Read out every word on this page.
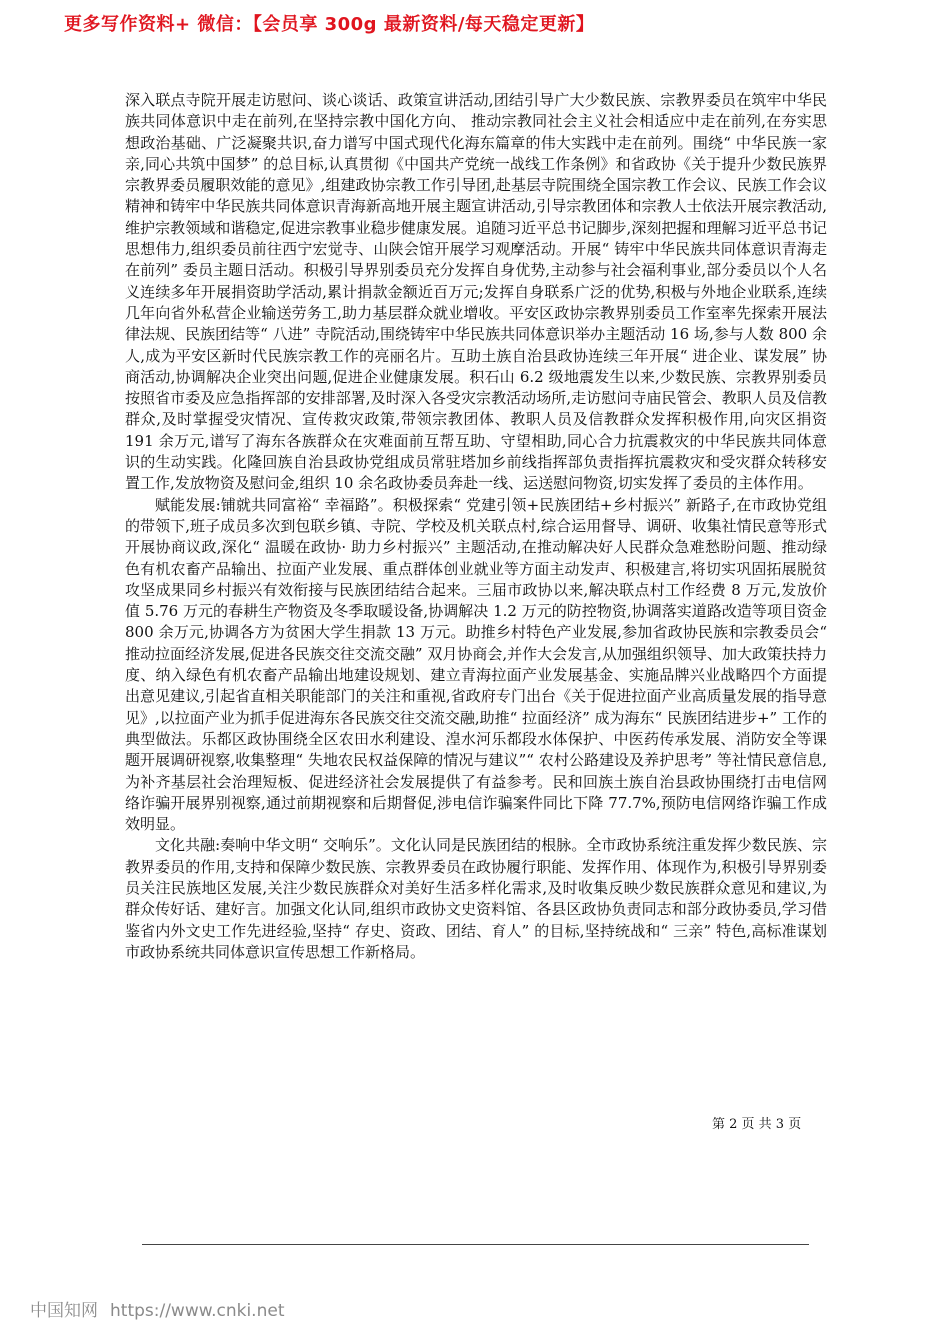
更多写作资料+ 微信：【会员享 300g 最新资料/每天稳定更新】

深入联点寺院开展走访慰问、谈心谈话、政策宣讲活动,团结引导广大少数民族、宗教界委员在筑牢中华民族共同体意识中走在前列,在坚持宗教中国化方向、 推动宗教同社会主义社会相适应中走在前列,在夯实思想政治基础、广泛凝聚共识,奋力谱写中国式现代化海东篇章的伟大实践中走在前列。围绕“ 中华民族一家亲,同心共筑中国梦” 的总目标,认真贯彻《中国共产党统一战线工作条例》和省政协《关于提升少数民族界宗教界委员履职效能的意见》,组建政协宗教工作引导团,赴基层寺院围绕全国宗教工作会议、民族工作会议精神和铸牢中华民族共同体意识青海新高地开展主题宣讲活动,引导宗教团体和宗教人士依法开展宗教活动,维护宗教领域和谐稳定,促进宗教事业稳步健康发展。追随习近平总书记脚步,深刻把握和理解习近平总书记思想伟力,组织委员前往西宁宏觉寺、山陕会馆开展学习观摩活动。开展“ 铸牢中华民族共同体意识青海走在前列” 委员主题日活动。积极引导界别委员充分发挥自身优势,主动参与社会福利事业,部分委员以个人名义连续多年开展捐资助学活动,累计捐款金额近百万元;发挥自身联系广泛的优势,积极与外地企业联系,连续几年向省外私营企业输送劳务工,助力基层群众就业增收。平安区政协宗教界别委员工作室率先探索开展法律法规、民族团结等“ 八进” 寺院活动,围绕铸牢中华民族共同体意识举办主题活动 16 场,参与人数 800 余人,成为平安区新时代民族宗教工作的亮丽名片。互助土族自治县政协连续三年开展“ 进企业、谋发展” 协商活动,协调解决企业突出问题,促进企业健康发展。积石山 6.2 级地震发生以来,少数民族、宗教界别委员按照省市委及应急指挥部的安排部署,及时深入各受灾宗教活动场所,走访慰问寺庙民管会、教职人员及信教群众,及时掌握受灾情况、宣传救灾政策,带领宗教团体、教职人员及信教群众发挥积极作用,向灾区捐资 191 余万元,谱写了海东各族群众在灾难面前互帮互助、守望相助,同心合力抗震救灾的中华民族共同体意识的生动实践。化隆回族自治县政协党组成员常驻塔加乡前线指挥部负责指挥抗震救灾和受灾群众转移安置工作,发放物资及慰问金,组织 10 余名政协委员奔赴一线、运送慰问物资,切实发挥了委员的主体作用。

赋能发展:铺就共同富裕“ 幸福路”。积极探索“ 党建引领+民族团结+乡村振兴” 新路子,在市政协党组的带领下,班子成员多次到包联乡镇、寺院、学校及机关联点村,综合运用督导、调研、收集社情民意等形式开展协商议政,深化“ 温暖在政协· 助力乡村振兴” 主题活动,在推动解决好人民群众急难愁盼问题、推动绿色有机农畜产品输出、拉面产业发展、重点群体创业就业等方面主动发声、积极建言,将切实巩固拓展脱贫攻坚成果同乡村振兴有效衔接与民族团结结合起来。三届市政协以来,解决联点村工作经费 8 万元,发放价值 5.76 万元的春耕生产物资及冬季取暖设备,协调解决 1.2 万元的防控物资,协调落实道路改造等项目资金 800 余万元,协调各方为贫困大学生捐款 13 万元。助推乡村特色产业发展,参加省政协民族和宗教委员会“ 推动拉面经济发展,促进各民族交往交流交融” 双月协商会,并作大会发言,从加强组织领导、加大政策扶持力度、纳入绿色有机农畜产品输出地建设规划、建立青海拉面产业发展基金、实施品牌兴业战略四个方面提出意见建议,引起省直相关职能部门的关注和重视,省政府专门出台《关于促进拉面产业高质量发展的指导意见》,以拉面产业为抓手促进海东各民族交往交流交融,助推“ 拉面经济” 成为海东“ 民族团结进步+” 工作的典型做法。乐都区政协围绕全区农田水利建设、湟水河乐都段水体保护、中医药传承发展、消防安全等课题开展调研视察,收集整理“ 失地农民权益保障的情况与建议”“ 农村公路建设及养护思考” 等社情民意信息,为补齐基层社会治理短板、促进经济社会发展提供了有益参考。民和回族土族自治县政协围绕打击电信网络诈骗开展界别视察,通过前期视察和后期督促,涉电信诈骗案件同比下降 77.7%,预防电信网络诈骗工作成效明显。

文化共融:奏响中华文明“ 交响乐”。文化认同是民族团结的根脉。全市政协系统注重发挥少数民族、宗教界委员的作用,支持和保障少数民族、宗教界委员在政协履行职能、发挥作用、体现作为,积极引导界别委员关注民族地区发展,关注少数民族群众对美好生活多样化需求,及时收集反映少数民族群众意见和建议,为群众传好话、建好言。加强文化认同,组织市政协文史资料馆、各县区政协负责同志和部分政协委员,学习借鉴省内外文史工作先进经验,坚持“ 存史、资政、团结、育人” 的目标,坚持统战和“ 三亲” 特色,高标准谋划市政协系统共同体意识宣传思想工作新格局。

第 2 页 共 3 页
中国知网 https://www.cnki.net
